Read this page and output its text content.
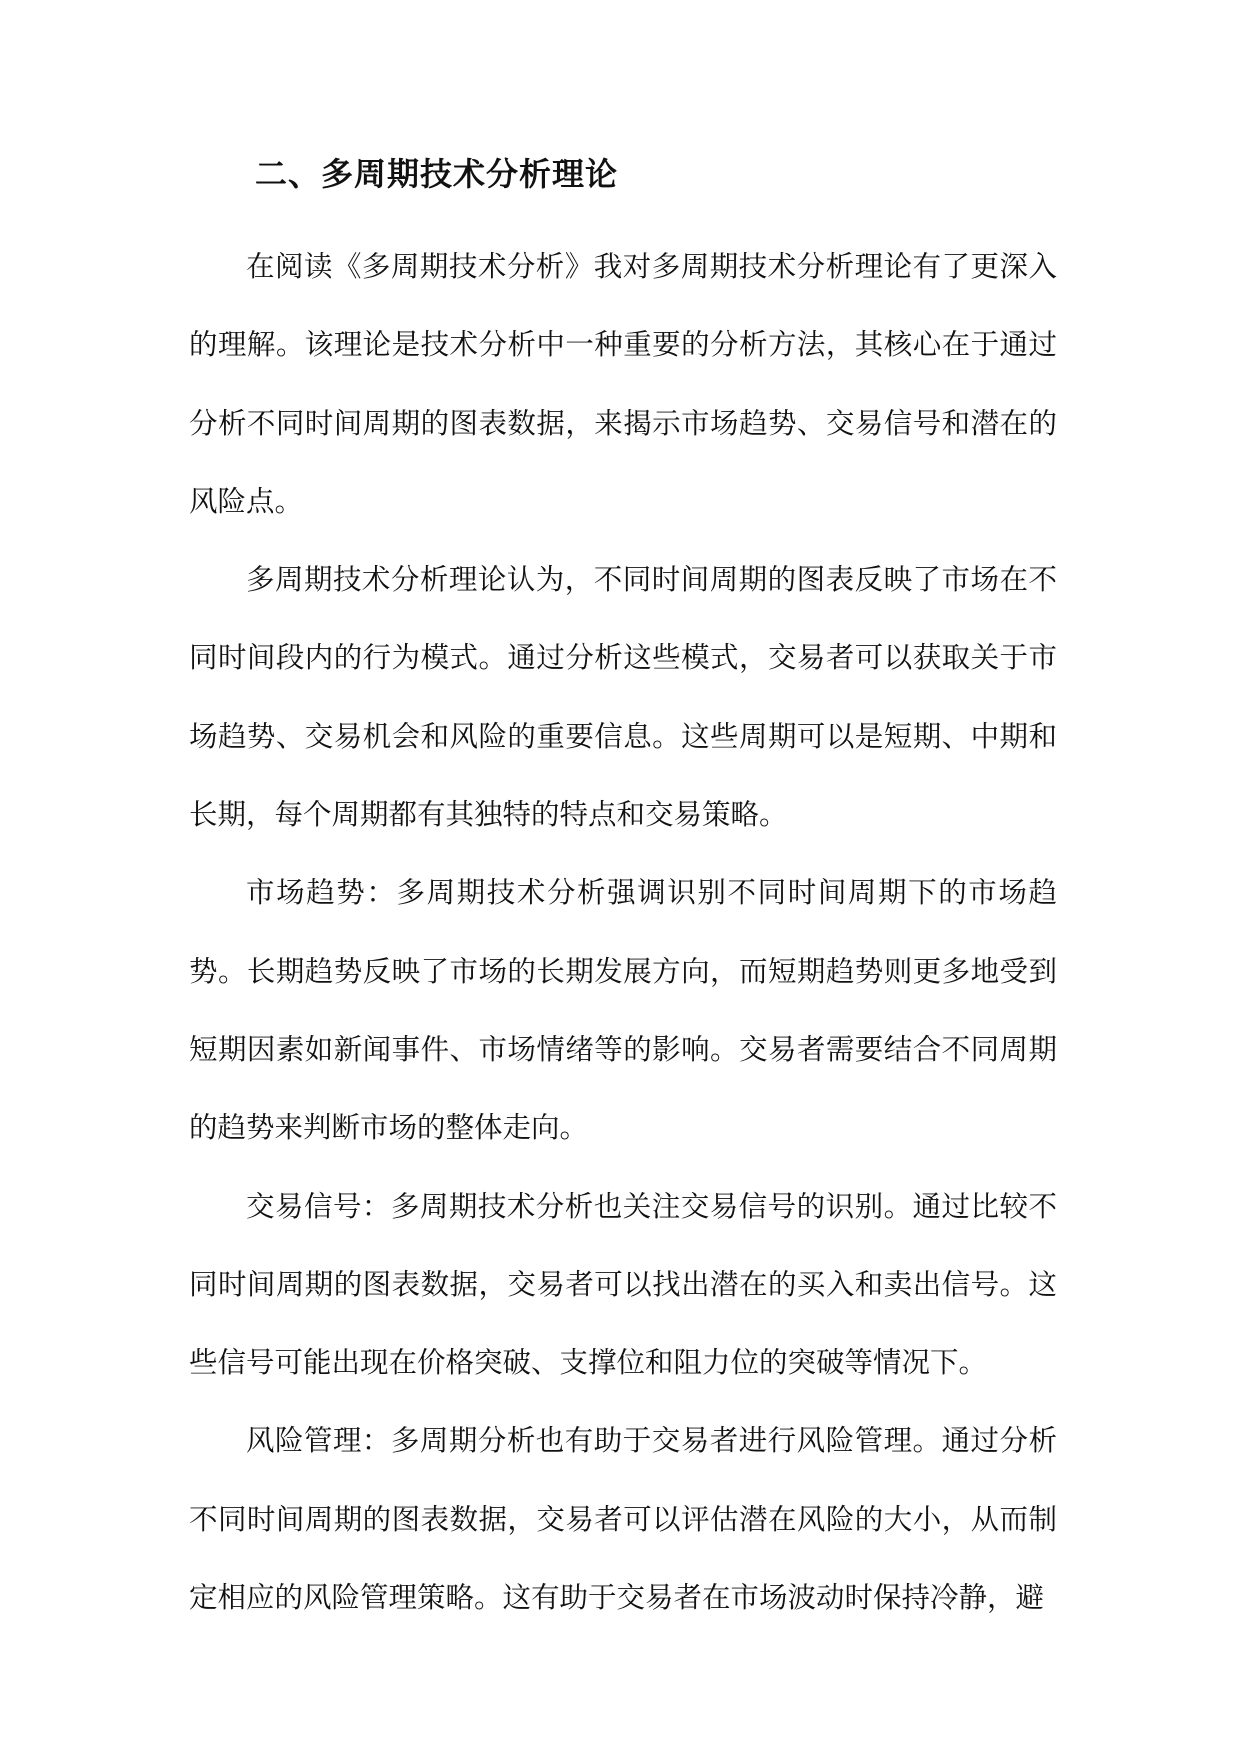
二、多周期技术分析理论

在阅读《多周期技术分析》我对多周期技术分析理论有了更深入的理解。该理论是技术分析中一种重要的分析方法，其核心在于通过分析不同时间周期的图表数据，来揭示市场趋势、交易信号和潜在的风险点。

多周期技术分析理论认为，不同时间周期的图表反映了市场在不同时间段内的行为模式。通过分析这些模式，交易者可以获取关于市场趋势、交易机会和风险的重要信息。这些周期可以是短期、中期和长期，每个周期都有其独特的特点和交易策略。

市场趋势：多周期技术分析强调识别不同时间周期下的市场趋势。长期趋势反映了市场的长期发展方向，而短期趋势则更多地受到短期因素如新闻事件、市场情绪等的影响。交易者需要结合不同周期的趋势来判断市场的整体走向。

交易信号：多周期技术分析也关注交易信号的识别。通过比较不同时间周期的图表数据，交易者可以找出潜在的买入和卖出信号。这些信号可能出现在价格突破、支撑位和阻力位的突破等情况下。

风险管理：多周期分析也有助于交易者进行风险管理。通过分析不同时间周期的图表数据，交易者可以评估潜在风险的大小，从而制定相应的风险管理策略。这有助于交易者在市场波动时保持冷静，避
